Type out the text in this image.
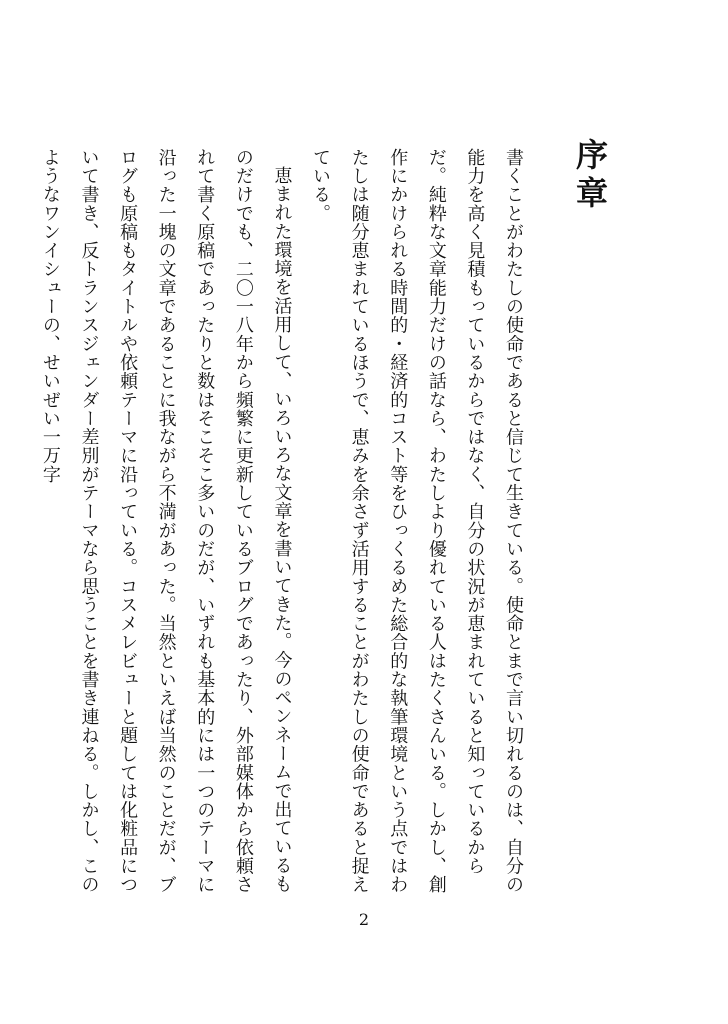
序章

書くことがわたしの使命であると信じて生きている。使命とまで言い切れるのは、自分の能力を高く見積もっているからではなく、自分の状況が恵まれていると知っているからだ。純粋な文章能力だけの話なら、わたしより優れている人はたくさんいる。しかし、創作にかけられる時間的・経済的コスト等をひっくるめた総合的な執筆環境という点ではわたしは随分恵まれているほうで、恵みを余さず活用することがわたしの使命であると捉えている。

恵まれた環境を活用して、いろいろな文章を書いてきた。今のペンネームで出ているものだけでも、二〇一八年から頻繁に更新しているブログであったり、外部媒体から依頼されて書く原稿であったりと数はそこそこ多いのだが、いずれも基本的には一つのテーマに沿った一塊の文章であることに我ながら不満があった。当然といえば当然のことだが、ブログも原稿もタイトルや依頼テーマに沿っている。コスメレビューと題しては化粧品について書き、反トランスジェンダー差別がテーマなら思うことを書き連ねる。しかし、このようなワンイシューの、せいぜい一万字

2
